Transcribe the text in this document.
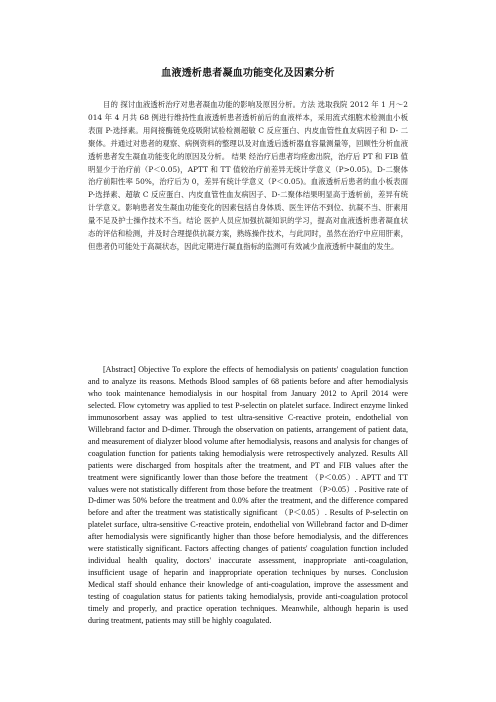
血液透析患者凝血功能变化及因素分析

目的 探讨血液透析治疗对患者凝血功能的影响及原因分析。方法 选取我院 2012 年 1 月～2014 年 4 月共 68 例进行维持性血液透析患者透析前后的血液样本，采用流式细胞术检测血小板表面 P-选择素。用间接酶链免疫吸附试验检测超敏 C 反应蛋白、内皮血管性血友病因子和 D- 二聚体。并通过对患者的观察、病例资料的整理以及对血透后透析器血容量测量等，回顾性分析血液透析患者发生凝血功能变化的原因及分析。 结果 经治疗后患者均痊愈出院，治疗后 PT 和 FIB 值明显少于治疗前（P＜0.05)，APTT 和 TT 值较治疗前差异无统计学意义（P>0.05)。D-二聚体治疗前阳性率 50%，治疗后为 0，差异有统计学意义（P＜0.05)。血液透析后患者的血小板表面 P-选择素、超敏 C 反应蛋白、内皮血管性血友病因子、D-二聚体结果明显高于透析前，差异有统计学意义。影响患者发生凝血功能变化的因素包括自身体质、医生评估不到位、抗凝不当、肝素用量不足及护士操作技术不当。结论 医护人员应加强抗凝知识的学习，提高对血液透析患者凝血状态的评估和检测，并及时合理提供抗凝方案，熟练操作技术，与此同时，虽然在治疗中应用肝素，但患者仍可能处于高凝状态，因此定期进行凝血指标的监测可有效减少血液透析中凝血的发生。

[Abstract] Objective To explore the effects of hemodialysis on patients' coagulation function and to analyze its reasons. Methods Blood samples of 68 patients before and after hemodialysis who took maintenance hemodialysis in our hospital from January 2012 to April 2014 were selected. Flow cytometry was applied to test P-selectin on platelet surface. Indirect enzyme linked immunosorbent assay was applied to test ultra-sensitive C-reactive protein, endothelial von Willebrand factor and D-dimer. Through the observation on patients, arrangement of patient data, and measurement of dialyzer blood volume after hemodialysis, reasons and analysis for changes of coagulation function for patients taking hemodialysis were retrospectively analyzed. Results All patients were discharged from hospitals after the treatment, and PT and FIB values after the treatment were significantly lower than those before the treatment （P＜0.05）. APTT and TT values were not statistically different from those before the treatment （P>0.05）. Positive rate of D-dimer was 50% before the treatment and 0.0% after the treatment, and the difference compared before and after the treatment was statistically significant （P＜0.05）. Results of P-selectin on platelet surface, ultra-sensitive C-reactive protein, endothelial von Willebrand factor and D-dimer after hemodialysis were significantly higher than those before hemodialysis, and the differences were statistically significant. Factors affecting changes of patients' coagulation function included individual health quality, doctors' inaccurate assessment, inappropriate anti-coagulation, insufficient usage of heparin and inappropriate operation techniques by nurses. Conclusion Medical staff should enhance their knowledge of anti-coagulation, improve the assessment and testing of coagulation status for patients taking hemodialysis, provide anti-coagulation protocol timely and properly, and practice operation techniques. Meanwhile, although heparin is used during treatment, patients may still be highly coagulated.
